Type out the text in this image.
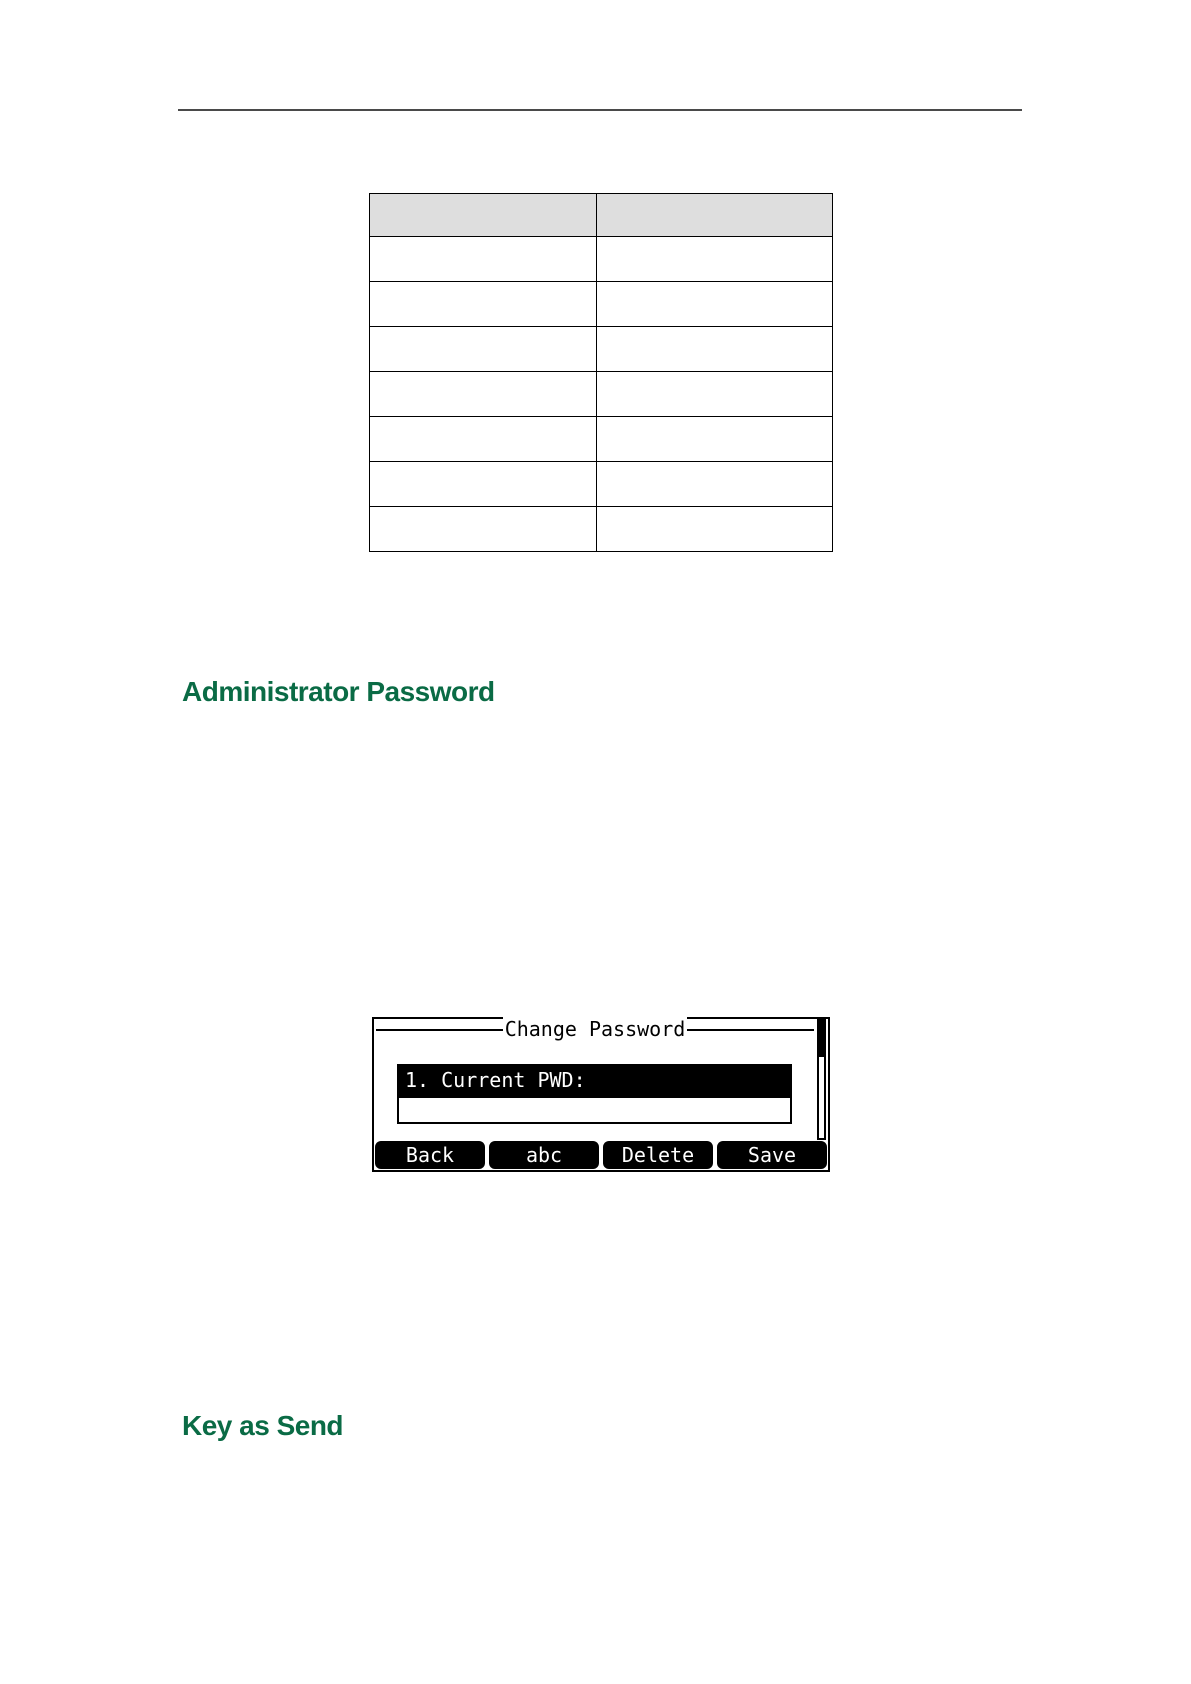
Administrator Password
Change Password
1. Current PWD:
Back	abc	Delete	Save
Key as Send
